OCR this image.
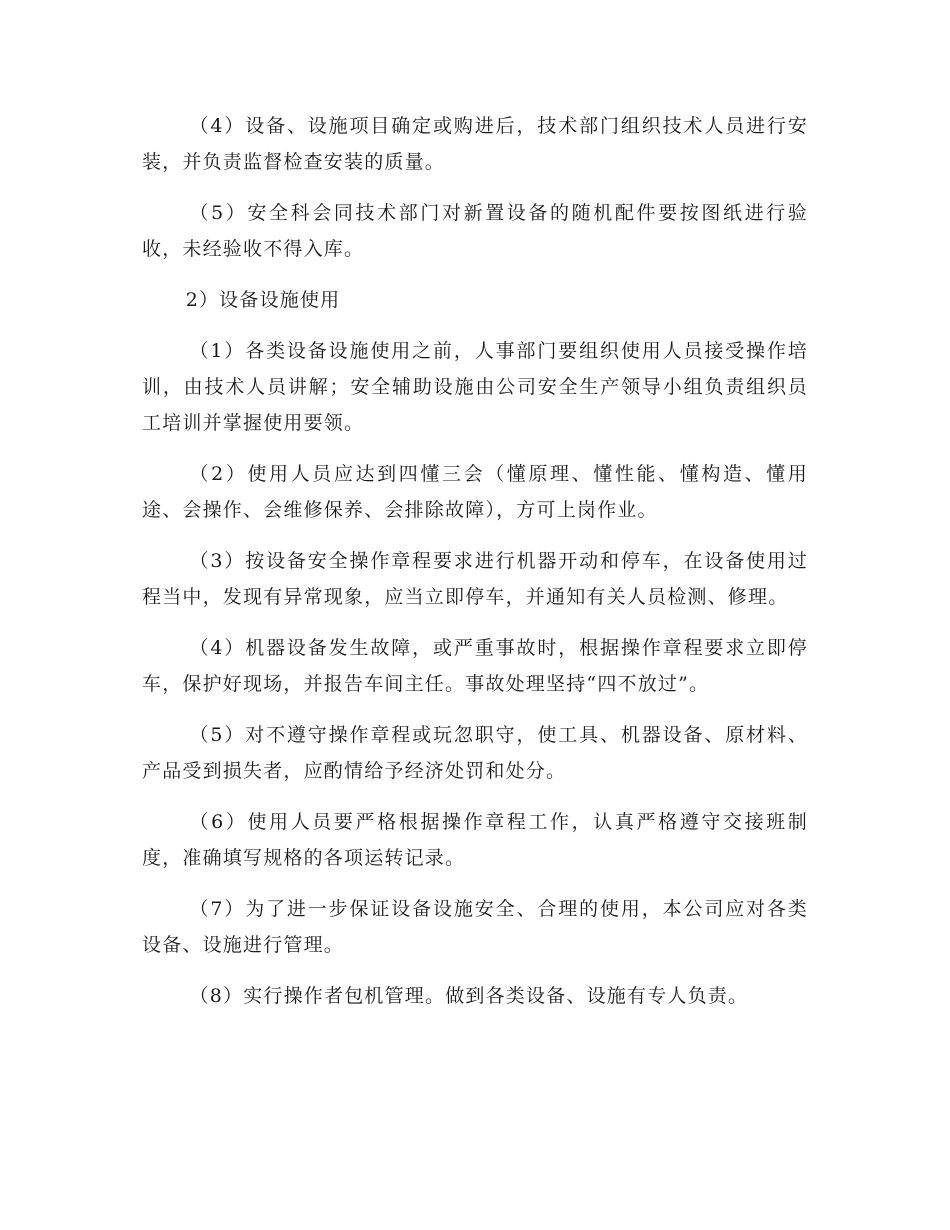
（4）设备、设施项目确定或购进后，技术部门组织技术人员进行安装，并负责监督检查安装的质量。

（5）安全科会同技术部门对新置设备的随机配件要按图纸进行验收，未经验收不得入库。

2）设备设施使用

（1）各类设备设施使用之前，人事部门要组织使用人员接受操作培训，由技术人员讲解；安全辅助设施由公司安全生产领导小组负责组织员工培训并掌握使用要领。

（2）使用人员应达到四懂三会（懂原理、懂性能、懂构造、懂用途、会操作、会维修保养、会排除故障），方可上岗作业。

（3）按设备安全操作章程要求进行机器开动和停车，在设备使用过程当中，发现有异常现象，应当立即停车，并通知有关人员检测、修理。

（4）机器设备发生故障，或严重事故时，根据操作章程要求立即停车，保护好现场，并报告车间主任。事故处理坚持“四不放过”。

（5）对不遵守操作章程或玩忽职守，使工具、机器设备、原材料、产品受到损失者，应酌情给予经济处罚和处分。

（6）使用人员要严格根据操作章程工作，认真严格遵守交接班制度，准确填写规格的各项运转记录。

（7）为了进一步保证设备设施安全、合理的使用，本公司应对各类设备、设施进行管理。

（8）实行操作者包机管理。做到各类设备、设施有专人负责。
